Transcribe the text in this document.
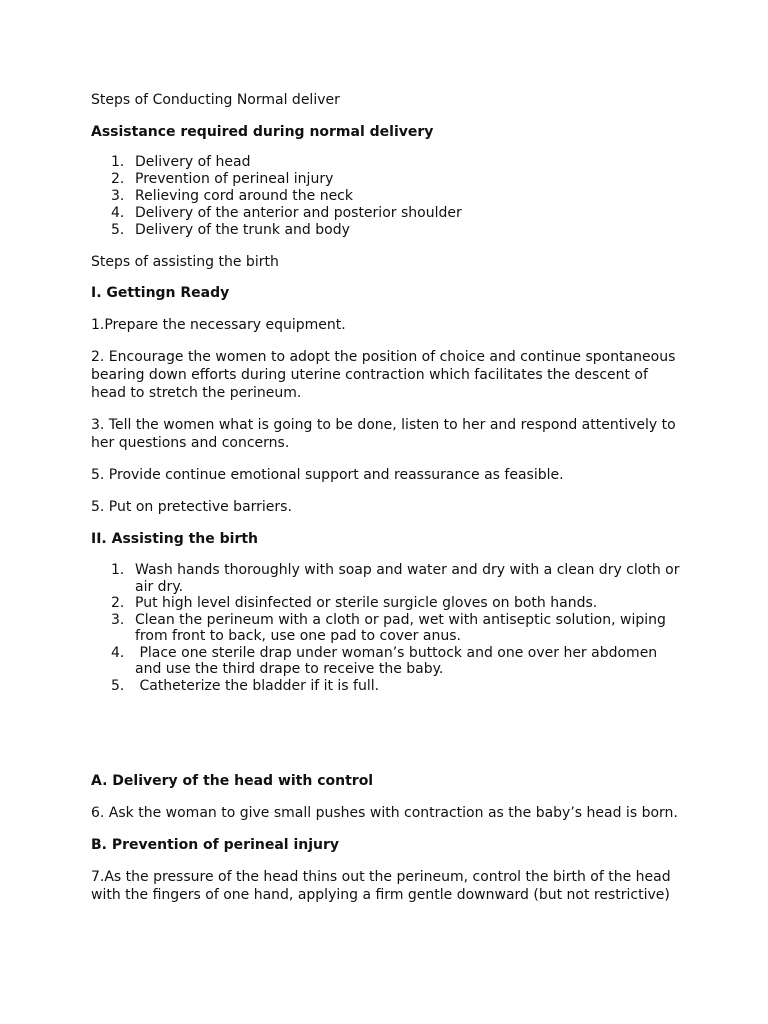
Steps of Conducting Normal deliver

Assistance required during normal delivery

1. Delivery of head
2. Prevention of perineal injury
3. Relieving cord around the neck
4. Delivery of the anterior and posterior shoulder
5. Delivery of the trunk and body

Steps of assisting the birth

I. Gettingn Ready

1.Prepare the necessary equipment.

2. Encourage the women to adopt the position of choice and continue spontaneous

bearing down efforts during uterine contraction which facilitates the descent of

head to stretch the perineum.

3. Tell the women what is going to be done, listen to her and respond attentively to

her questions and concerns.

5. Provide continue emotional support and reassurance as feasible.

5. Put on pretective barriers.

II. Assisting the birth

1. Wash hands thoroughly with soap and water and dry with a clean dry cloth or
air dry.
2. Put high level disinfected or sterile surgicle gloves on both hands.
3. Clean the perineum with a cloth or pad, wet with antiseptic solution, wiping
from front to back, use one pad to cover anus.
4. Place one sterile drap under woman’s buttock and one over her abdomen
and use the third drape to receive the baby.
5. Catheterize the bladder if it is full.

A. Delivery of the head with control

6. Ask the woman to give small pushes with contraction as the baby’s head is born.

B. Prevention of perineal injury

7.As the pressure of the head thins out the perineum, control the birth of the head

with the fingers of one hand, applying a firm gentle downward (but not restrictive)
